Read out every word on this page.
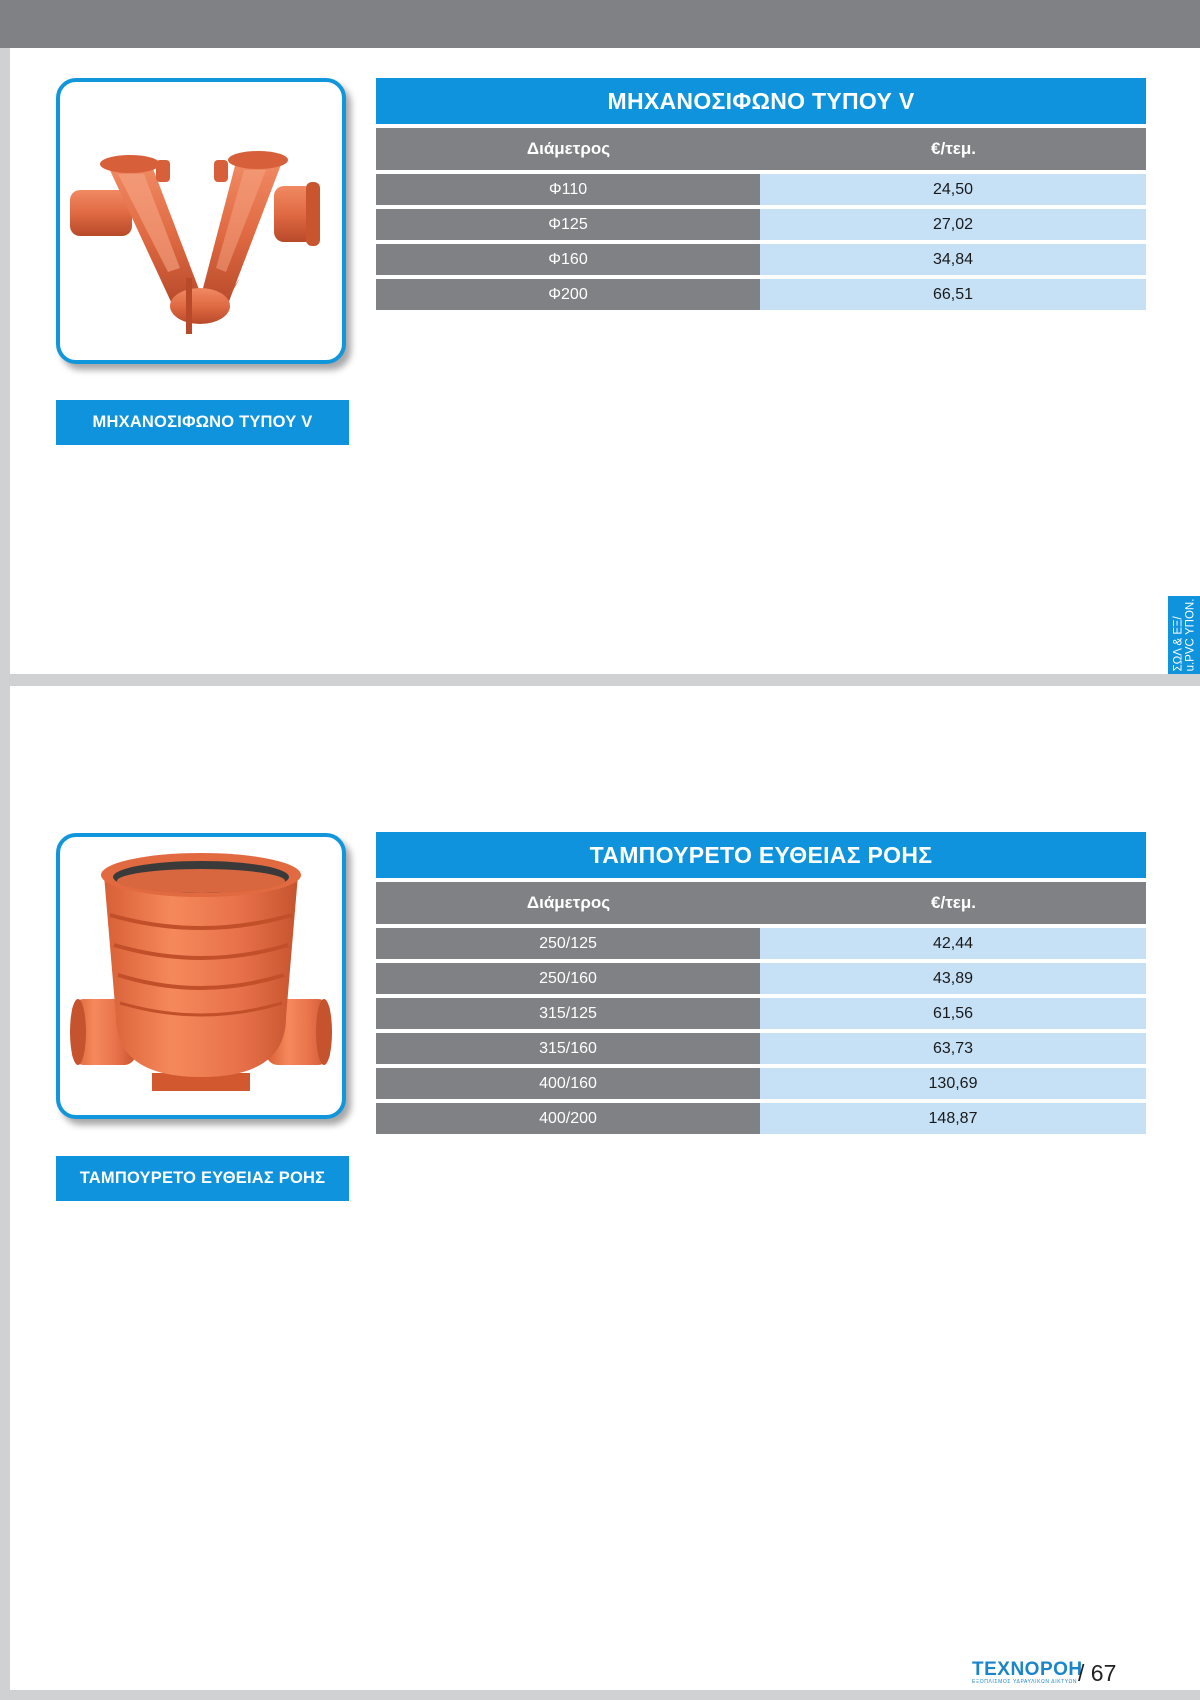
ΜΗΧΑΝΟΣΙΦΩΝΟ ΤΥΠΟΥ V
ΜΗΧΑΝΟΣΙΦΩΝΟ ΤΥΠΟΥ V
Διάμετρος	€/τεμ.
Φ110	24,50
Φ125	27,02
Φ160	34,84
Φ200	66,51
ΣΩΛ & ΕΞ/ u.PVC ΥΠΟΝ.
ΤΑΜΠΟΥΡΕΤΟ ΕΥΘΕΙΑΣ ΡΟΗΣ
ΤΑΜΠΟΥΡΕΤΟ ΕΥΘΕΙΑΣ ΡΟΗΣ
Διάμετρος	€/τεμ.
250/125	42,44
250/160	43,89
315/125	61,56
315/160	63,73
400/160	130,69
400/200	148,87
ΤΕΧΝΟΡΟΗ
ΕΞΟΠΛΙΣΜΟΣ ΥΔΡΑΥΛΙΚΩΝ ΔΙΚΤΥΩΝ / 67
